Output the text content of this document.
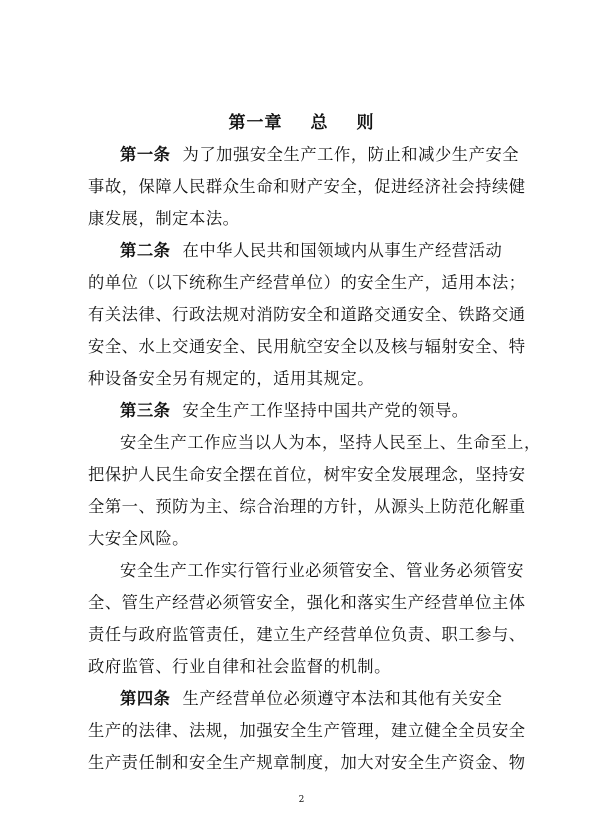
第一章 总 则
第一条 为了加强安全生产工作，防止和减少生产安全
事故，保障人民群众生命和财产安全，促进经济社会持续健
康发展，制定本法。
第二条 在中华人民共和国领域内从事生产经营活动
的单位（以下统称生产经营单位）的安全生产，适用本法；
有关法律、行政法规对消防安全和道路交通安全、铁路交通
安全、水上交通安全、民用航空安全以及核与辐射安全、特
种设备安全另有规定的，适用其规定。
第三条 安全生产工作坚持中国共产党的领导。
安全生产工作应当以人为本，坚持人民至上、生命至上，
把保护人民生命安全摆在首位，树牢安全发展理念，坚持安
全第一、预防为主、综合治理的方针，从源头上防范化解重
大安全风险。
安全生产工作实行管行业必须管安全、管业务必须管安
全、管生产经营必须管安全，强化和落实生产经营单位主体
责任与政府监管责任，建立生产经营单位负责、职工参与、
政府监管、行业自律和社会监督的机制。
第四条 生产经营单位必须遵守本法和其他有关安全
生产的法律、法规，加强安全生产管理，建立健全全员安全
生产责任制和安全生产规章制度，加大对安全生产资金、物
2
